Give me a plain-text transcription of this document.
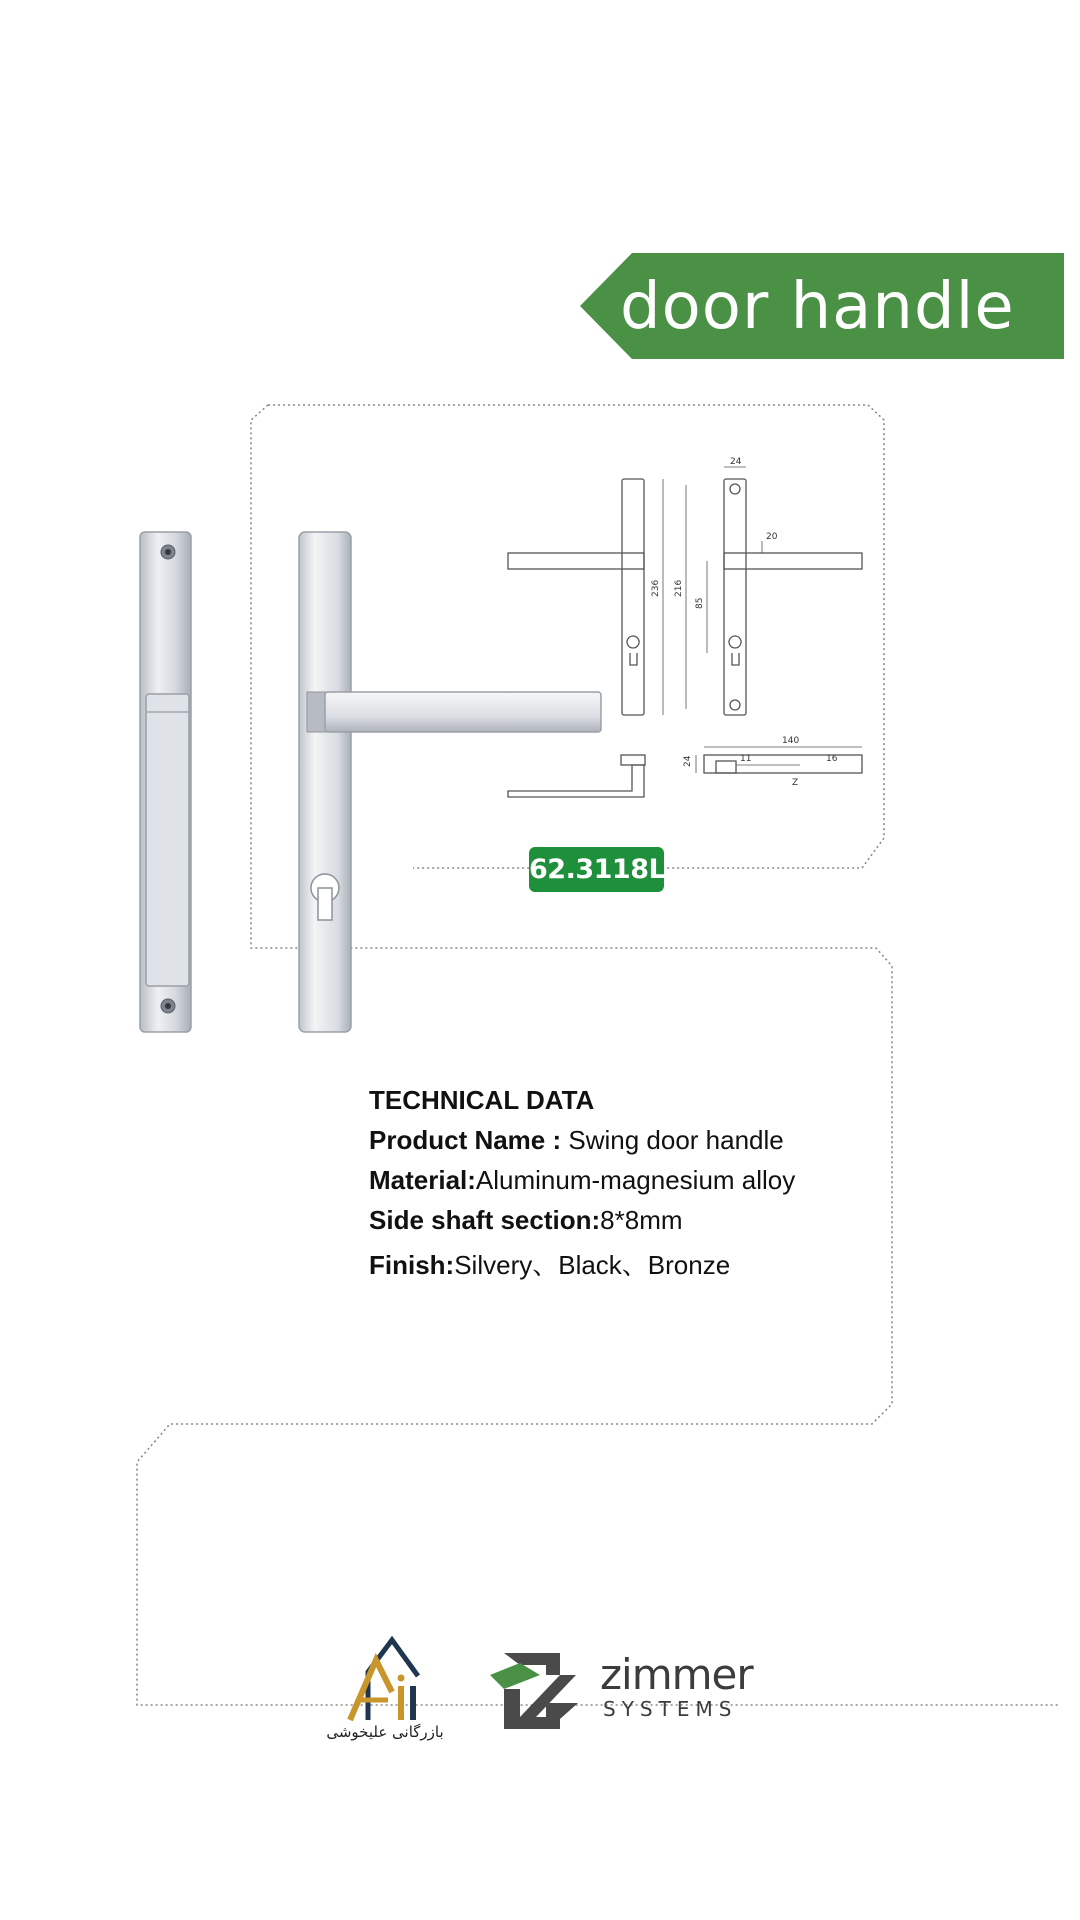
door handle
24
20
236 216
85
140
24	11	16
Z
62.3118L
TECHNICAL DATA
Product Name : Swing door handle
Material:Aluminum-magnesium alloy
Side shaft section:8*8mm
Finish:Silvery、Black、Bronze
بازرگانی علیخوشی
zimmer
SYSTEMS
